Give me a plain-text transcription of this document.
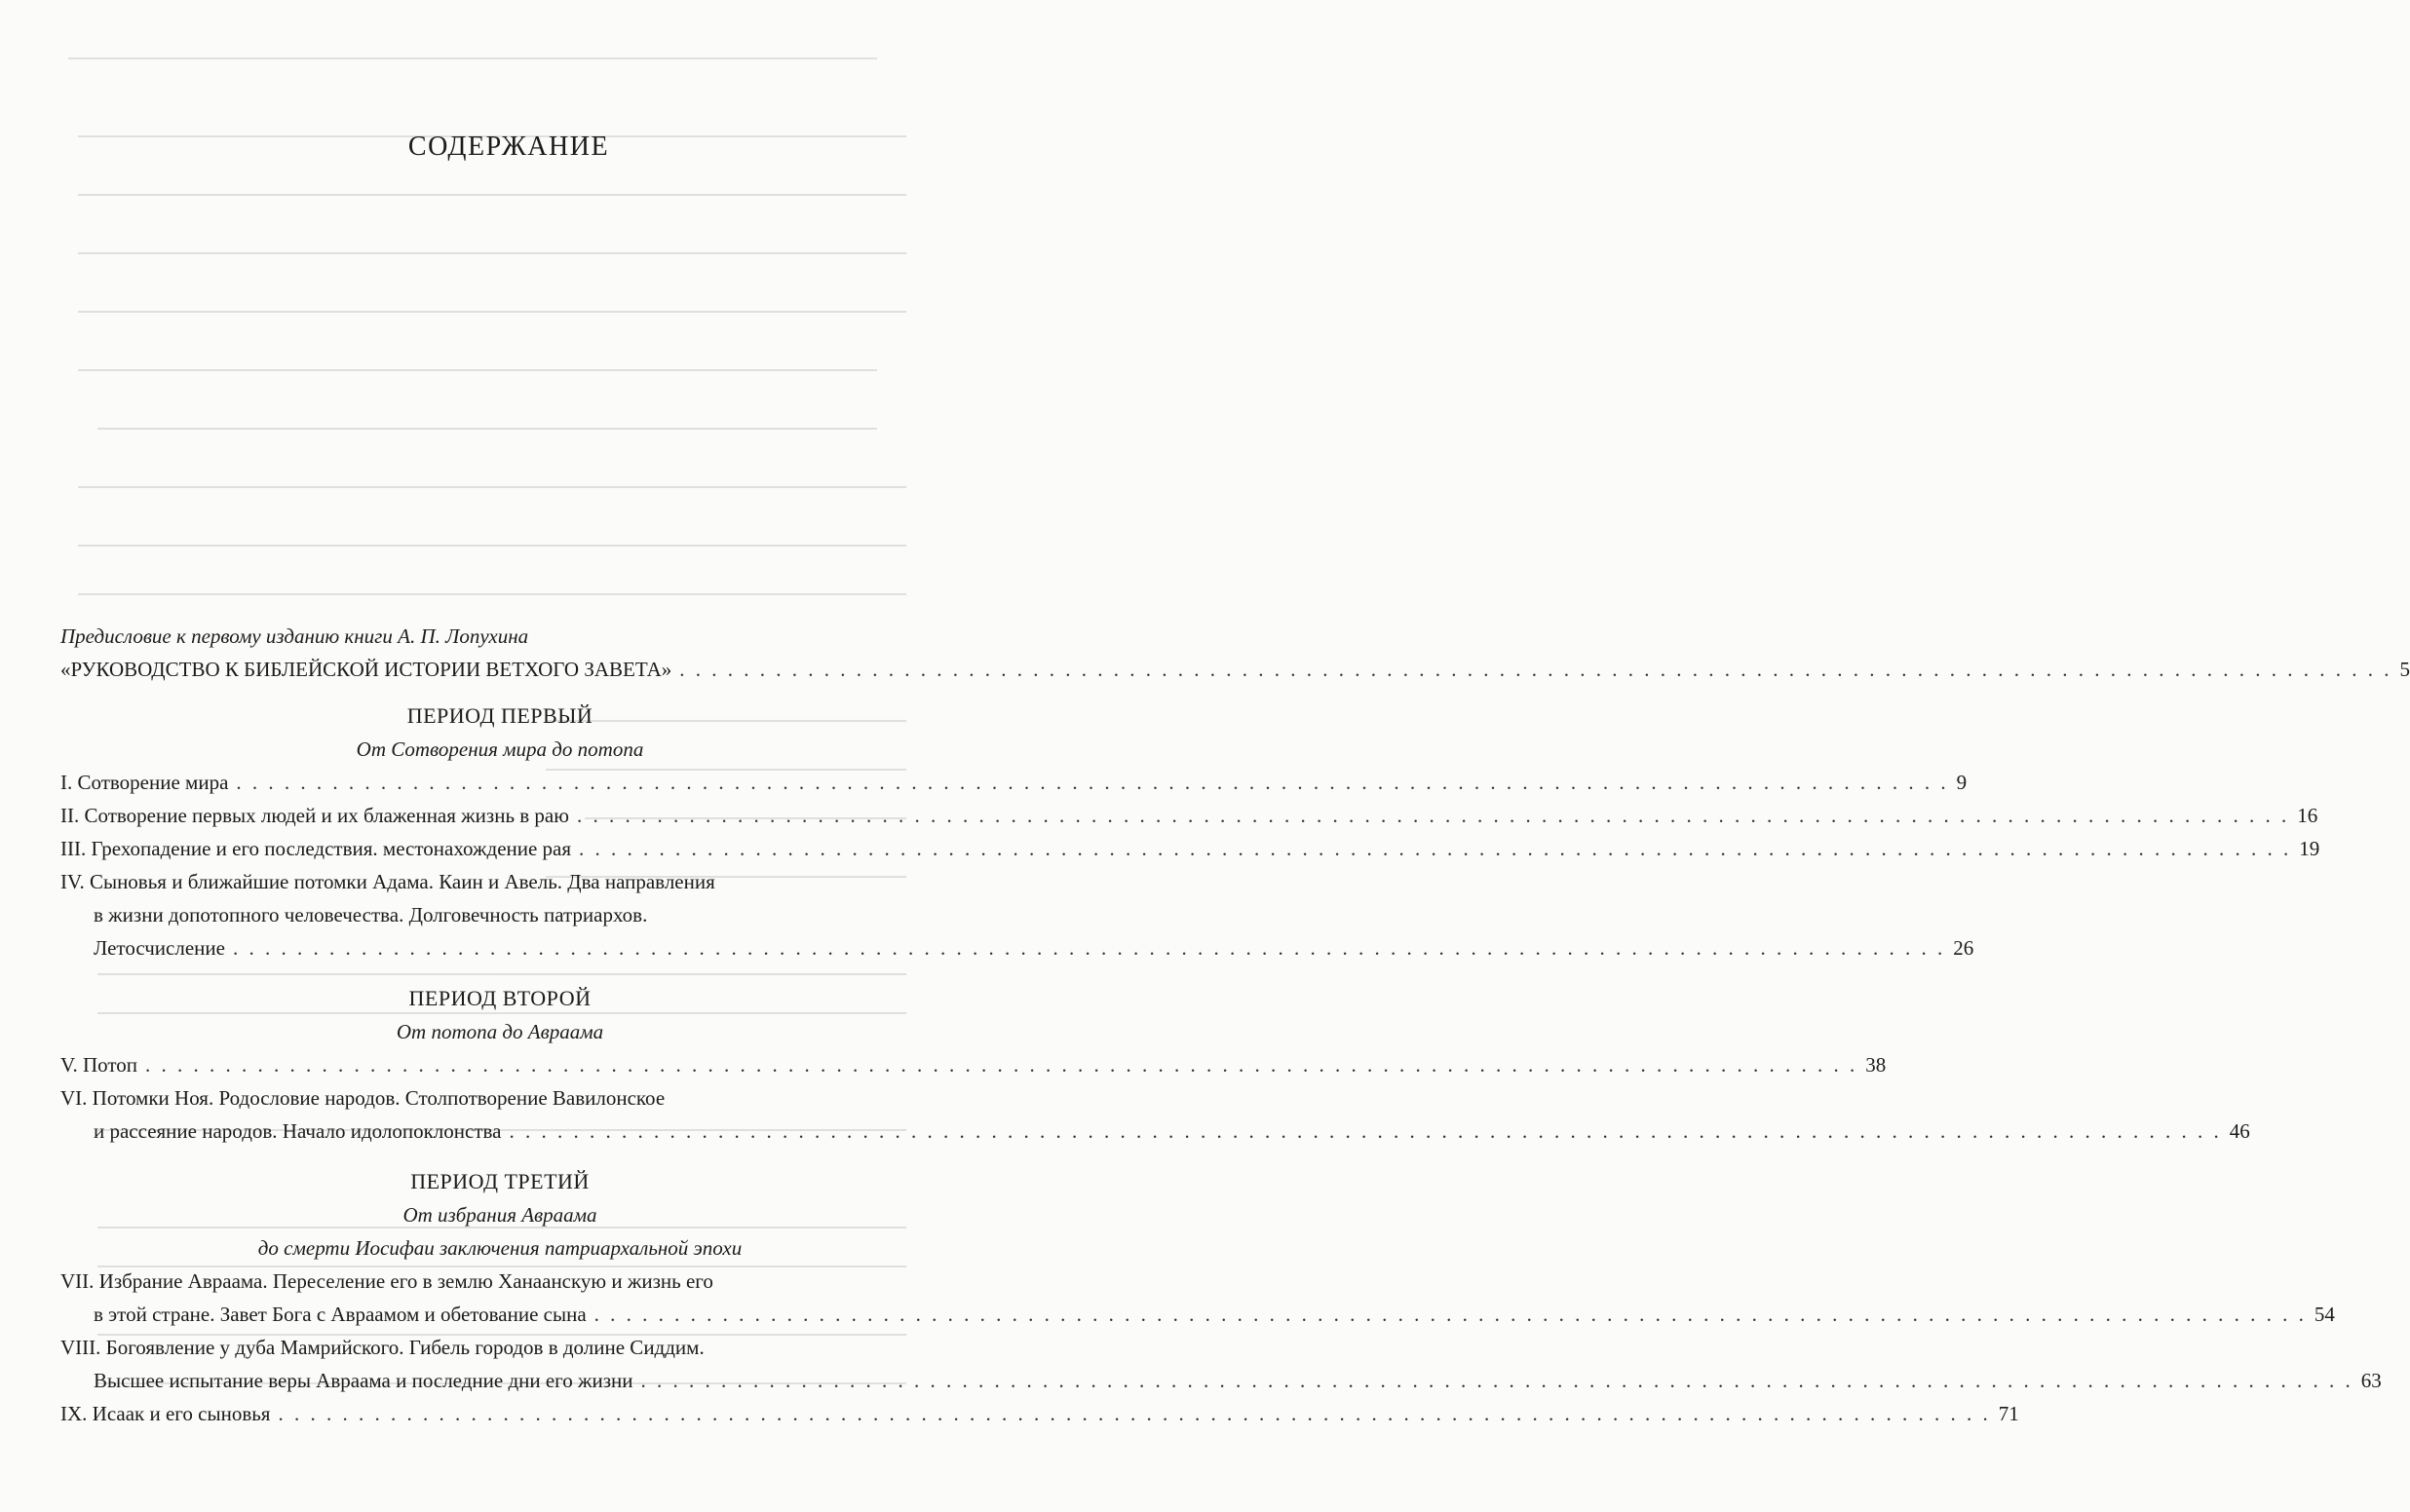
СОДЕРЖАНИЕ
Предисловие к первому изданию книги А. П. Лопухина
«РУКОВОДСТВО К БИБЛЕЙСКОЙ ИСТОРИИ ВЕТХОГО ЗАВЕТА» . . . . . . . . . . . . . . . . . . . . . . . . . . . . . . . . . . . . . . . . . . . . . . . . . . . . . . . . . . . . . . . . . . . . . . . . . . . . . . . . . . . . . . . . . . . . . . . . . . . . . . . . . . . 5
ПЕРИОД ПЕРВЫЙ
От Сотворения мира до потопа
I. Сотворение мира . . . . . . . . . . . . . . . . . . . . . . . . . . . . . . . . . . . . . . . . . . . . . . . . . . . . . . . . . . . . . . . . . . . . . . . . . . . . . . . . . . . . . . . . . . . . . . . . . . . . . . . . . . . 9
II. Сотворение первых людей и их блаженная жизнь в раю . . . . . . . . . . . . . . . . . . . . . . . . . . . . . . . . . . . . . . . . . . . . . . . . . . . . . . . . . . . . . . . . . . . . . . . . . . . . . . . . . . . . . . . . . . . . . . . . . . . . . . . . . . . 16
III. Грехопадение и его последствия. местонахождение рая . . . . . . . . . . . . . . . . . . . . . . . . . . . . . . . . . . . . . . . . . . . . . . . . . . . . . . . . . . . . . . . . . . . . . . . . . . . . . . . . . . . . . . . . . . . . . . . . . . . . . . . . . . . 19
IV. Сыновья и ближайшие потомки Адама. Каин и Авель. Два направления
в жизни допотопного человечества. Долговечность патриархов.
Летосчисление . . . . . . . . . . . . . . . . . . . . . . . . . . . . . . . . . . . . . . . . . . . . . . . . . . . . . . . . . . . . . . . . . . . . . . . . . . . . . . . . . . . . . . . . . . . . . . . . . . . . . . . . . . . 26
ПЕРИОД ВТОРОЙ
От потопа до Авраама
V. Потоп . . . . . . . . . . . . . . . . . . . . . . . . . . . . . . . . . . . . . . . . . . . . . . . . . . . . . . . . . . . . . . . . . . . . . . . . . . . . . . . . . . . . . . . . . . . . . . . . . . . . . . . . . . . 38
VI. Потомки Ноя. Родословие народов. Столпотворение Вавилонское
и рассеяние народов. Начало идолопоклонства . . . . . . . . . . . . . . . . . . . . . . . . . . . . . . . . . . . . . . . . . . . . . . . . . . . . . . . . . . . . . . . . . . . . . . . . . . . . . . . . . . . . . . . . . . . . . . . . . . . . . . . . . . . 46
ПЕРИОД ТРЕТИЙ
От избрания Авраама
до смерти Иосифаи заключения патриархальной эпохи
VII. Избрание Авраама. Переселение его в землю Ханаанскую и жизнь его
в этой стране. Завет Бога с Авраамом и обетование сына . . . . . . . . . . . . . . . . . . . . . . . . . . . . . . . . . . . . . . . . . . . . . . . . . . . . . . . . . . . . . . . . . . . . . . . . . . . . . . . . . . . . . . . . . . . . . . . . . . . . . . . . . . . 54
VIII. Богоявление у дуба Мамрийского. Гибель городов в долине Сиддим.
Высшее испытание веры Авраама и последние дни его жизни . . . . . . . . . . . . . . . . . . . . . . . . . . . . . . . . . . . . . . . . . . . . . . . . . . . . . . . . . . . . . . . . . . . . . . . . . . . . . . . . . . . . . . . . . . . . . . . . . . . . . . . . . . . 63
IX. Исаак и его сыновья . . . . . . . . . . . . . . . . . . . . . . . . . . . . . . . . . . . . . . . . . . . . . . . . . . . . . . . . . . . . . . . . . . . . . . . . . . . . . . . . . . . . . . . . . . . . . . . . . . . . . . . . . . . 71
